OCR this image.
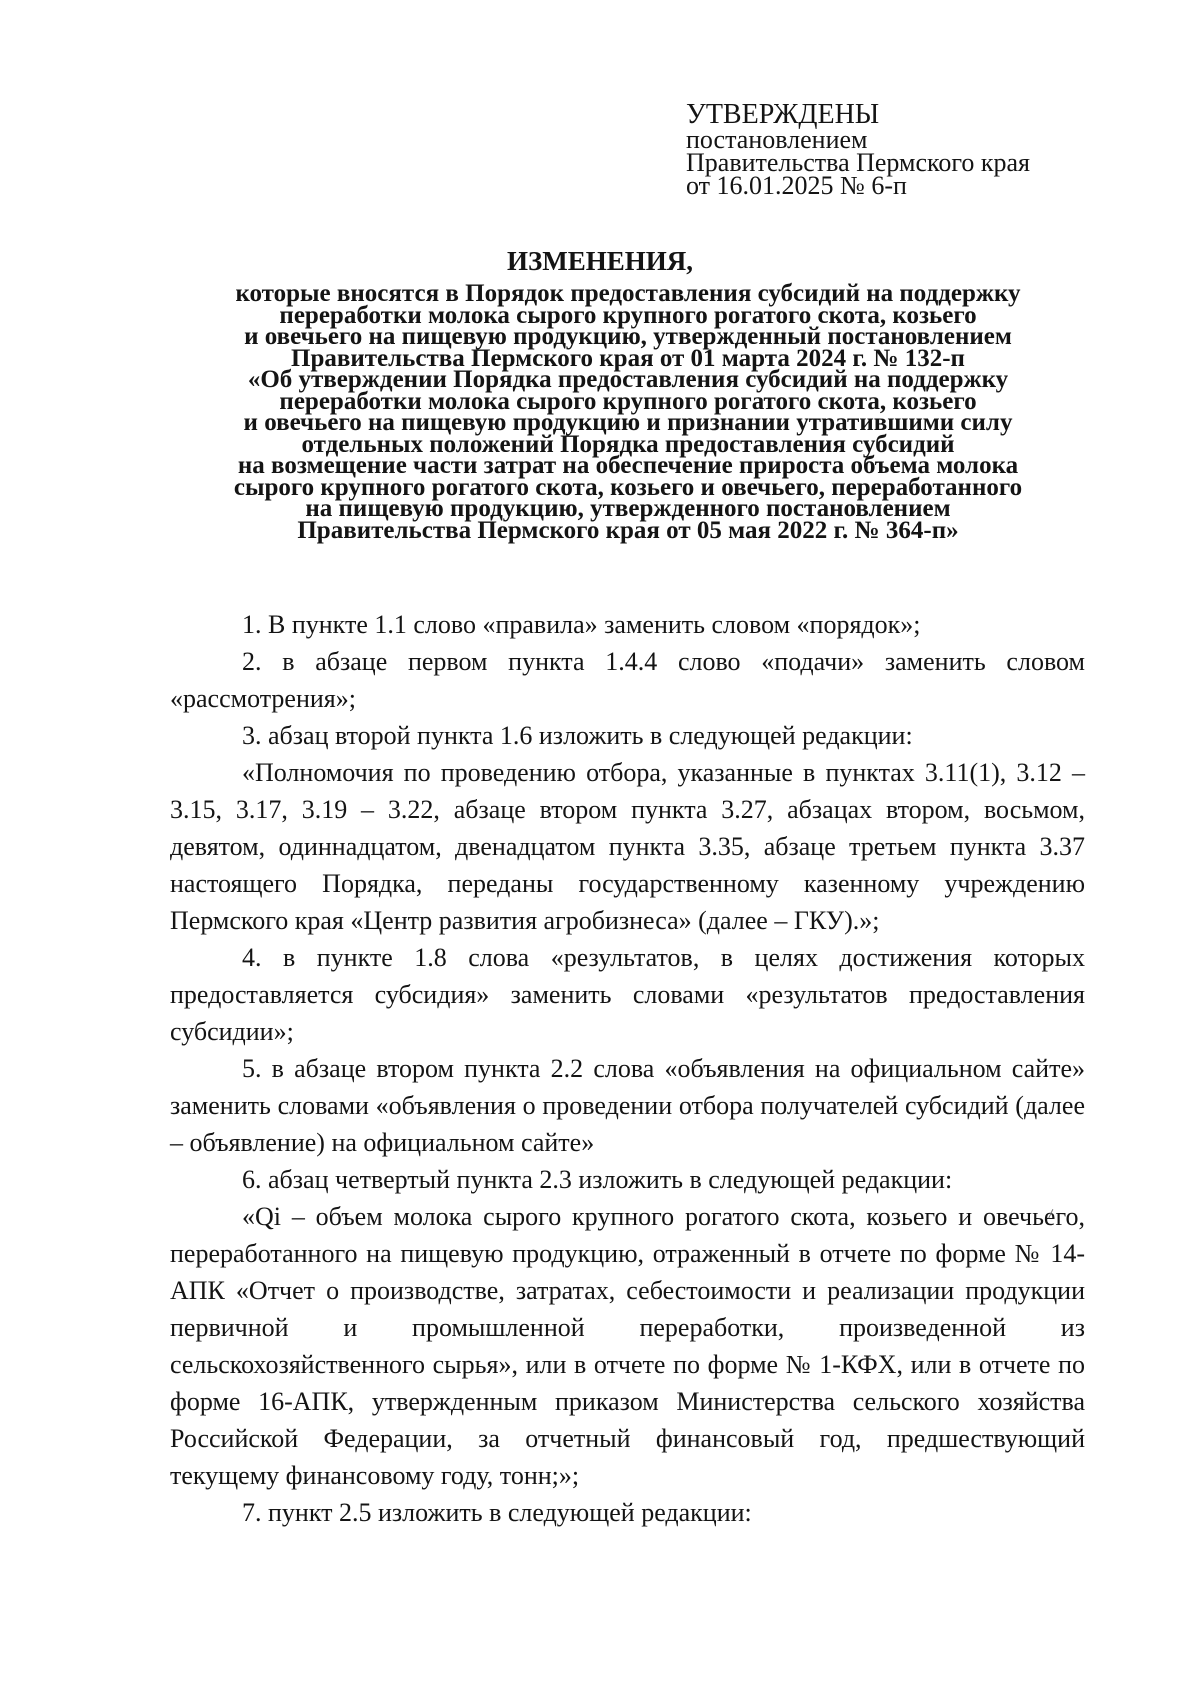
УТВЕРЖДЕНЫ
постановлением
Правительства Пермского края
от 16.01.2025 № 6-п
ИЗМЕНЕНИЯ,
которые вносятся в Порядок предоставления субсидий на поддержку
переработки молока сырого крупного рогатого скота, козьего
и овечьего на пищевую продукцию, утвержденный постановлением
Правительства Пермского края от 01 марта 2024 г. № 132-п
«Об утверждении Порядка предоставления субсидий на поддержку
переработки молока сырого крупного рогатого скота, козьего
и овечьего на пищевую продукцию и признании утратившими силу
отдельных положений Порядка предоставления субсидий
на возмещение части затрат на обеспечение прироста объема молока
сырого крупного рогатого скота, козьего и овечьего, переработанного
на пищевую продукцию, утвержденного постановлением
Правительства Пермского края от 05 мая 2022 г. № 364-п»

1. В пункте 1.1 слово «правила» заменить словом «порядок»;

2. в абзаце первом пункта 1.4.4 слово «подачи» заменить словом «рассмотрения»;

3. абзац второй пункта 1.6 изложить в следующей редакции:

«Полномочия по проведению отбора, указанные в пунктах 3.11(1), 3.12 – 3.15, 3.17, 3.19 – 3.22, абзаце втором пункта 3.27, абзацах втором, восьмом, девятом, одиннадцатом, двенадцатом пункта 3.35, абзаце третьем пункта 3.37 настоящего Порядка, переданы государственному казенному учреждению Пермского края «Центр развития агробизнеса» (далее – ГКУ).»;

4. в пункте 1.8 слова «результатов, в целях достижения которых предоставляется субсидия» заменить словами «результатов предоставления субсидии»;

5. в абзаце втором пункта 2.2 слова «объявления на официальном сайте» заменить словами «объявления о проведении отбора получателей субсидий (далее – объявление) на официальном сайте»

6. абзац четвертый пункта 2.3 изложить в следующей редакции:

«Qi – объем молока сырого крупного рогатого скота, козьего и овечьего, переработанного на пищевую продукцию, отраженный в отчете по форме № 14-АПК «Отчет о производстве, затратах, себестоимости и реализации продукции первичной и промышленной переработки, произведенной из сельскохозяйственного сырья», или в отчете по форме № 1-КФХ, или в отчете по форме 16-АПК, утвержденным приказом Министерства сельского хозяйства Российской Федерации, за отчетный финансовый год, предшествующий текущему финансовому году, тонн;»;

7. пункт 2.5 изложить в следующей редакции:
